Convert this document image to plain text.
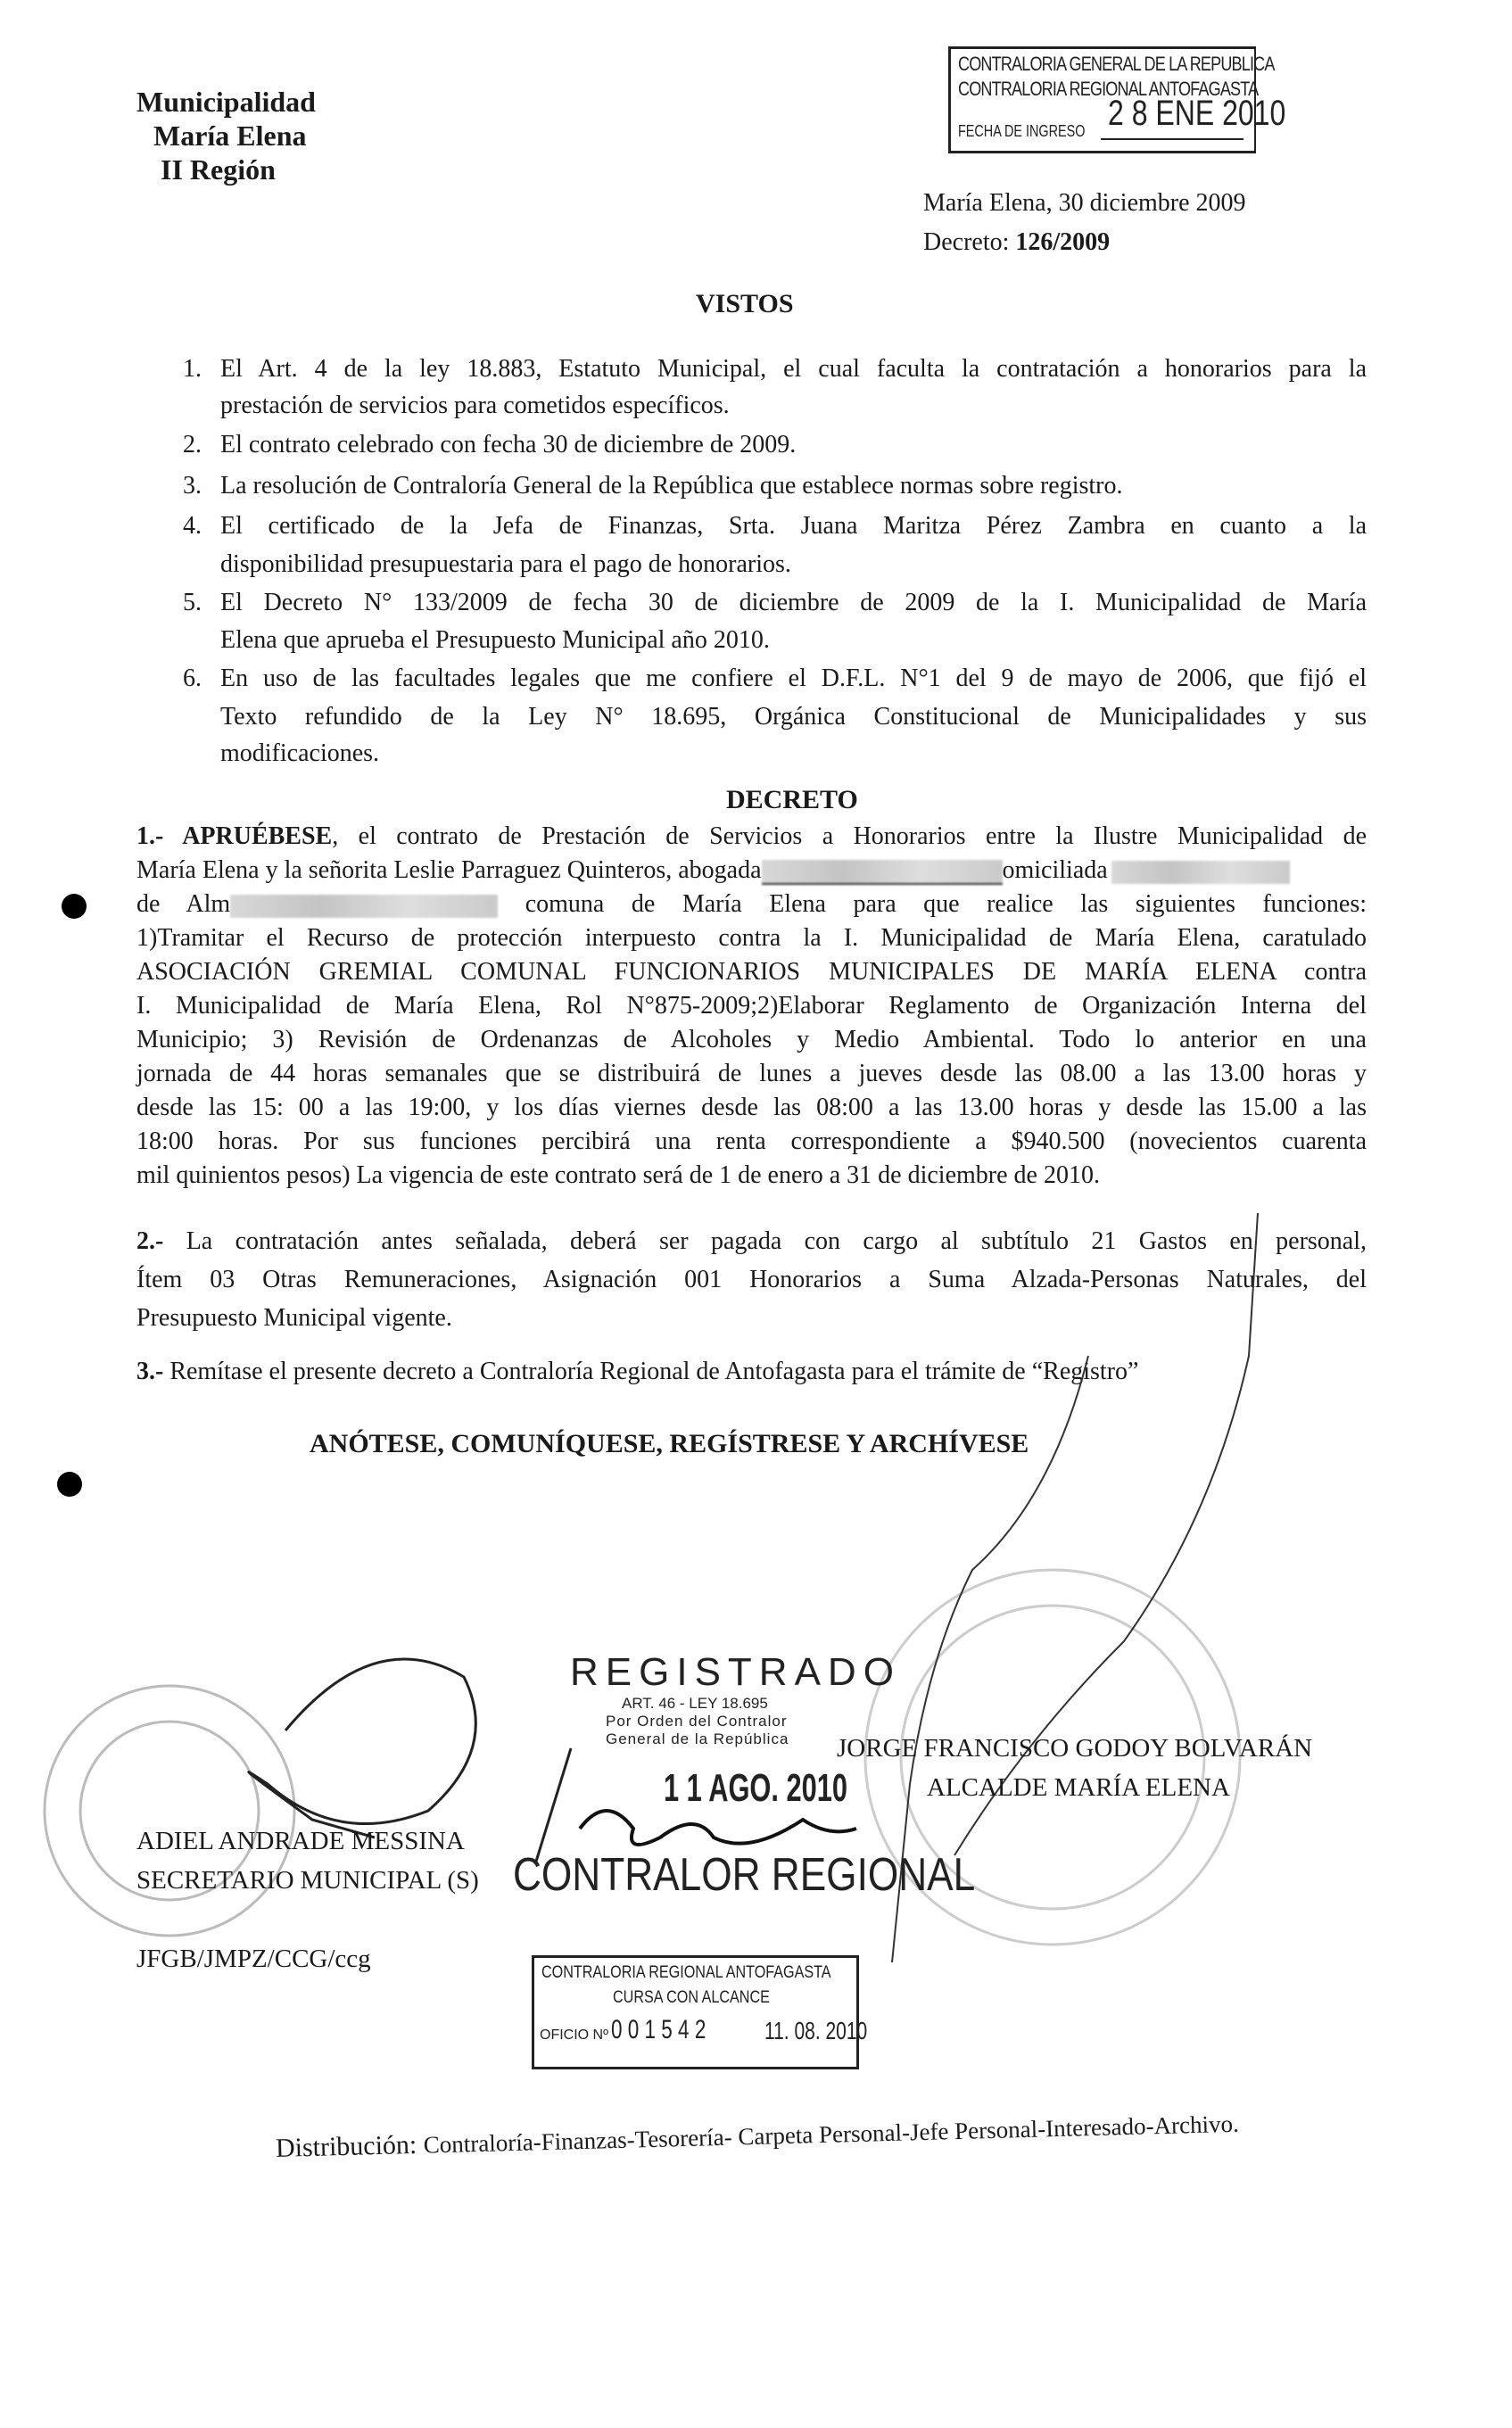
Municipalidad
María Elena
II Región
CONTRALORIA GENERAL DE LA REPUBLICA
CONTRALORIA REGIONAL ANTOFAGASTA
2 8 ENE 2010
FECHA DE INGRESO
María Elena, 30 diciembre 2009
Decreto: 126/2009
VISTOS
1. El Art. 4 de la ley 18.883, Estatuto Municipal, el cual faculta la contratación a honorarios para la
prestación de servicios para cometidos específicos.
2. El contrato celebrado con fecha 30 de diciembre de 2009.
3. La resolución de Contraloría General de la República que establece normas sobre registro.
4. El certificado de la Jefa de Finanzas, Srta. Juana Maritza Pérez Zambra en cuanto a la
disponibilidad presupuestaria para el pago de honorarios.
5. El Decreto N° 133/2009 de fecha 30 de diciembre de 2009 de la I. Municipalidad de María
Elena que aprueba el Presupuesto Municipal año 2010.
6. En uso de las facultades legales que me confiere el D.F.L. N°1 del 9 de mayo de 2006, que fijó el
Texto refundido de la Ley N° 18.695, Orgánica Constitucional de Municipalidades y sus
modificaciones.
DECRETO
1.- APRUÉBESE, el contrato de Prestación de Servicios a Honorarios entre la Ilustre Municipalidad de
María Elena y la señorita Leslie Parraguez Quinteros, abogada	omiciliada
de Alm	comuna de María Elena para que realice las siguientes funciones:
1)Tramitar el Recurso de protección interpuesto contra la I. Municipalidad de María Elena, caratulado
ASOCIACIÓN GREMIAL COMUNAL FUNCIONARIOS MUNICIPALES DE MARÍA ELENA contra
I. Municipalidad de María Elena, Rol N°875-2009;2)Elaborar Reglamento de Organización Interna del
Municipio; 3) Revisión de Ordenanzas de Alcoholes y Medio Ambiental. Todo lo anterior en una
jornada de 44 horas semanales que se distribuirá de lunes a jueves desde las 08.00 a las 13.00 horas y
desde las 15: 00 a las 19:00, y los días viernes desde las 08:00 a las 13.00 horas y desde las 15.00 a las
18:00 horas. Por sus funciones percibirá una renta correspondiente a $940.500 (novecientos cuarenta
mil quinientos pesos) La vigencia de este contrato será de 1 de enero a 31 de diciembre de 2010.
2.- La contratación antes señalada, deberá ser pagada con cargo al subtítulo 21 Gastos en personal,
Ítem 03 Otras Remuneraciones, Asignación 001 Honorarios a Suma Alzada-Personas Naturales, del
Presupuesto Municipal vigente.
3.- Remítase el presente decreto a Contraloría Regional de Antofagasta para el trámite de “Registro”
ANÓTESE, COMUNÍQUESE, REGÍSTRESE Y ARCHÍVESE
REGISTRADO
ART. 46 - LEY 18.695
Por Orden del Contralor
General de la República
1 1 AGO. 2010
CONTRALOR REGIONAL
JORGE FRANCISCO GODOY BOLVARÁN
ALCALDE MARÍA ELENA
ADIEL ANDRADE MESSINA
SECRETARIO MUNICIPAL (S)
JFGB/JMPZ/CCG/ccg	CONTRALORIA REGIONAL ANTOFAGASTA
CURSA CON ALCANCE
OFICIO Nº 0 0 1 5 4 2 11. 08. 2010
Distribución: Contraloría-Finanzas-Tesorería- Carpeta Personal-Jefe Personal-Interesado-Archivo.
